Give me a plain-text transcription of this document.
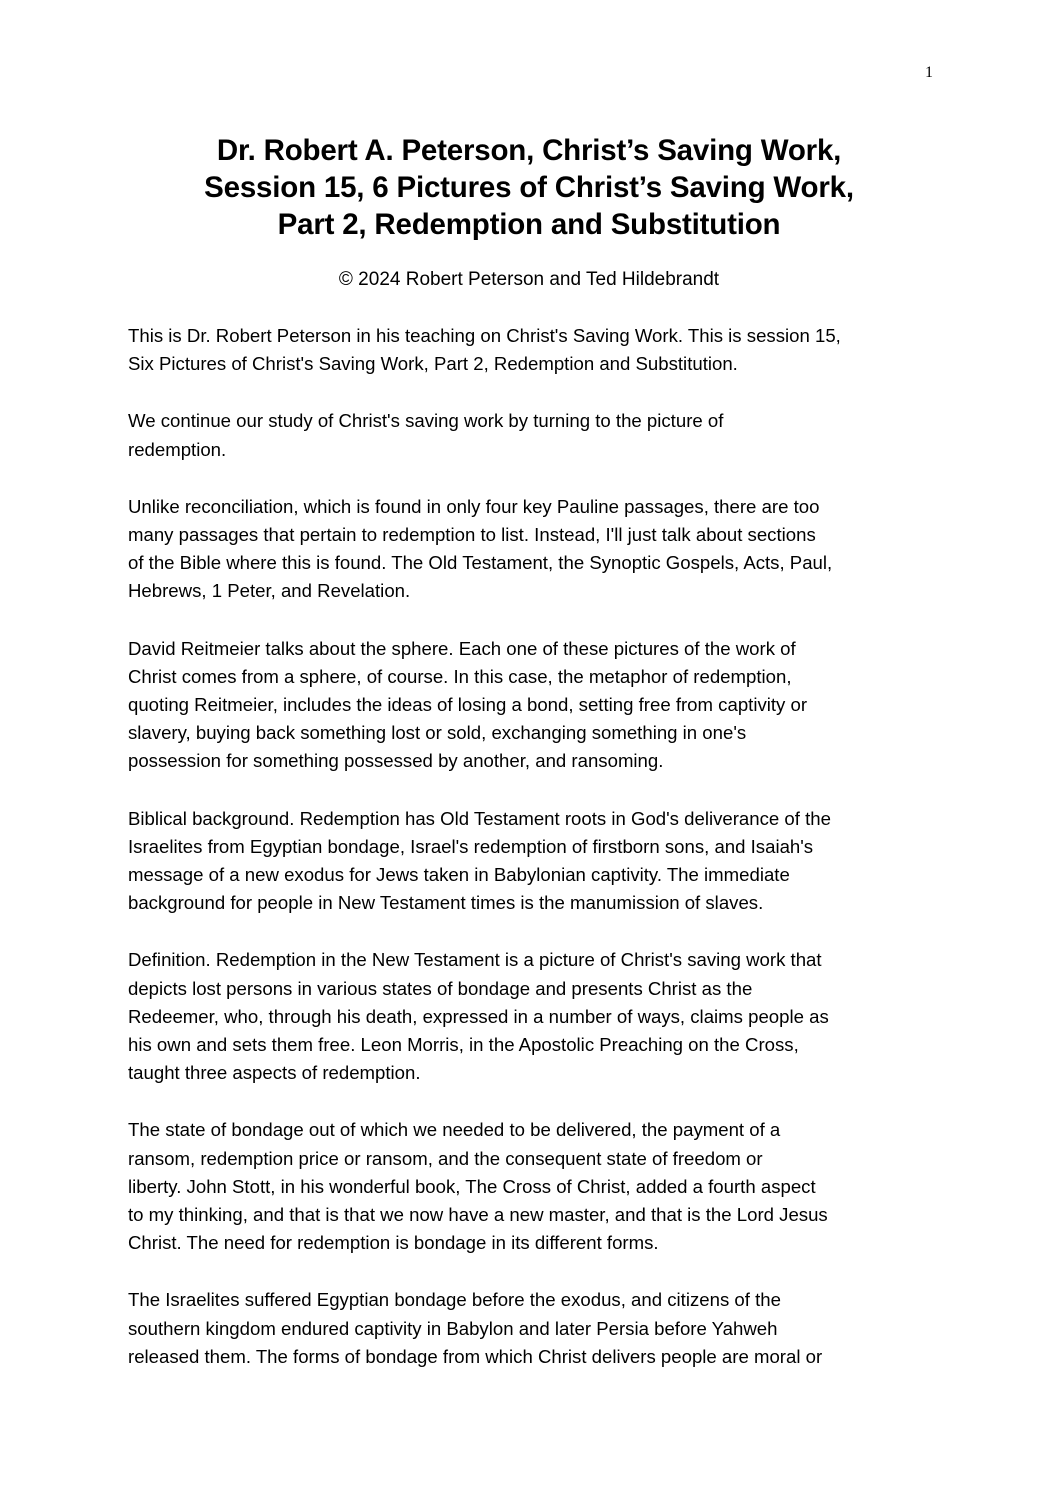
1
Dr. Robert A. Peterson, Christ’s Saving Work,
Session 15, 6 Pictures of Christ’s Saving Work,
Part 2, Redemption and Substitution
© 2024 Robert Peterson and Ted Hildebrandt

This is Dr. Robert Peterson in his teaching on Christ's Saving Work. This is session 15,
Six Pictures of Christ's Saving Work, Part 2, Redemption and Substitution.

We continue our study of Christ's saving work by turning to the picture of
redemption.

Unlike reconciliation, which is found in only four key Pauline passages, there are too
many passages that pertain to redemption to list. Instead, I'll just talk about sections
of the Bible where this is found. The Old Testament, the Synoptic Gospels, Acts, Paul,
Hebrews, 1 Peter, and Revelation.

David Reitmeier talks about the sphere. Each one of these pictures of the work of
Christ comes from a sphere, of course. In this case, the metaphor of redemption,
quoting Reitmeier, includes the ideas of losing a bond, setting free from captivity or
slavery, buying back something lost or sold, exchanging something in one's
possession for something possessed by another, and ransoming.

Biblical background. Redemption has Old Testament roots in God's deliverance of the
Israelites from Egyptian bondage, Israel's redemption of firstborn sons, and Isaiah's
message of a new exodus for Jews taken in Babylonian captivity. The immediate
background for people in New Testament times is the manumission of slaves.

Definition. Redemption in the New Testament is a picture of Christ's saving work that
depicts lost persons in various states of bondage and presents Christ as the
Redeemer, who, through his death, expressed in a number of ways, claims people as
his own and sets them free. Leon Morris, in the Apostolic Preaching on the Cross,
taught three aspects of redemption.

The state of bondage out of which we needed to be delivered, the payment of a
ransom, redemption price or ransom, and the consequent state of freedom or
liberty. John Stott, in his wonderful book, The Cross of Christ, added a fourth aspect
to my thinking, and that is that we now have a new master, and that is the Lord Jesus
Christ. The need for redemption is bondage in its different forms.

The Israelites suffered Egyptian bondage before the exodus, and citizens of the
southern kingdom endured captivity in Babylon and later Persia before Yahweh
released them. The forms of bondage from which Christ delivers people are moral or
